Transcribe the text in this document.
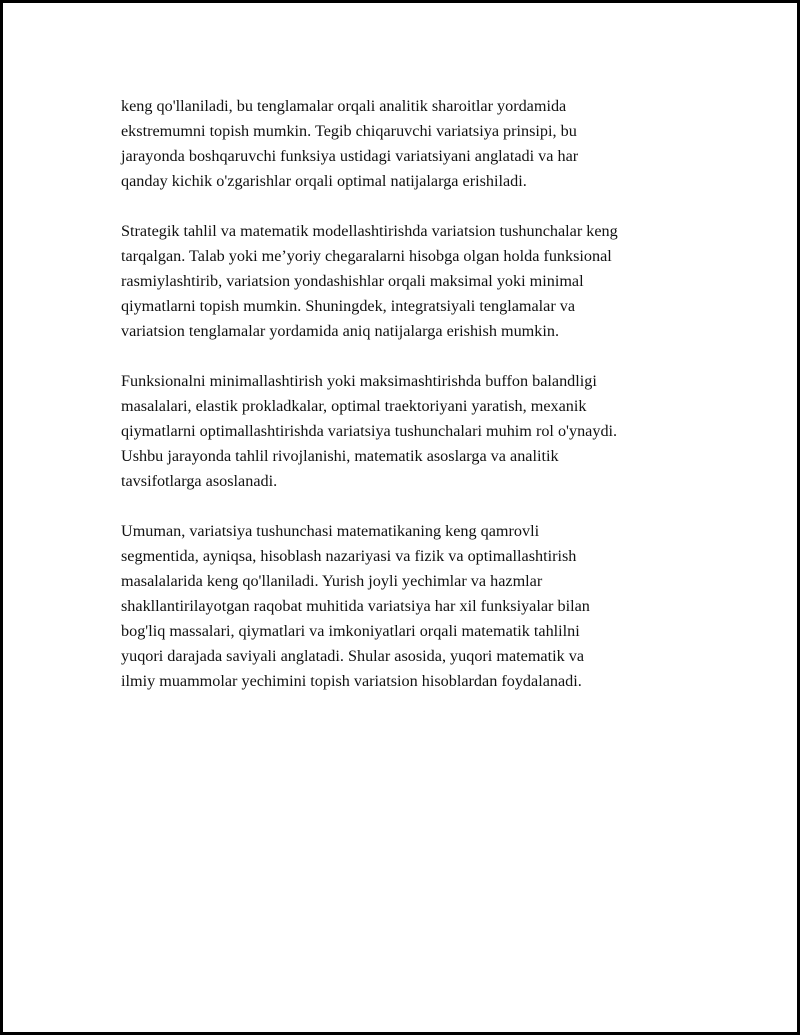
keng qo'llaniladi, bu tenglamalar orqali analitik sharoitlar yordamida
ekstremumni topish mumkin. Tegib chiqaruvchi variatsiya prinsipi, bu
jarayonda boshqaruvchi funksiya ustidagi variatsiyani anglatadi va har
qanday kichik o'zgarishlar orqali optimal natijalarga erishiladi.

Strategik tahlil va matematik modellashtirishda variatsion tushunchalar keng
tarqalgan. Talab yoki me’yoriy chegaralarni hisobga olgan holda funksional
rasmiylashtirib, variatsion yondashishlar orqali maksimal yoki minimal
qiymatlarni topish mumkin. Shuningdek, integratsiyali tenglamalar va
variatsion tenglamalar yordamida aniq natijalarga erishish mumkin.

Funksionalni minimallashtirish yoki maksimashtirishda buffon balandligi
masalalari, elastik prokladkalar, optimal traektoriyani yaratish, mexanik
qiymatlarni optimallashtirishda variatsiya tushunchalari muhim rol o'ynaydi.
Ushbu jarayonda tahlil rivojlanishi, matematik asoslarga va analitik
tavsifotlarga asoslanadi.

Umuman, variatsiya tushunchasi matematikaning keng qamrovli
segmentida, ayniqsa, hisoblash nazariyasi va fizik va optimallashtirish
masalalarida keng qo'llaniladi. Yurish joyli yechimlar va hazmlar
shakllantirilayotgan raqobat muhitida variatsiya har xil funksiyalar bilan
bog'liq massalari, qiymatlari va imkoniyatlari orqali matematik tahlilni
yuqori darajada saviyali anglatadi. Shular asosida, yuqori matematik va
ilmiy muammolar yechimini topish variatsion hisoblardan foydalanadi.
